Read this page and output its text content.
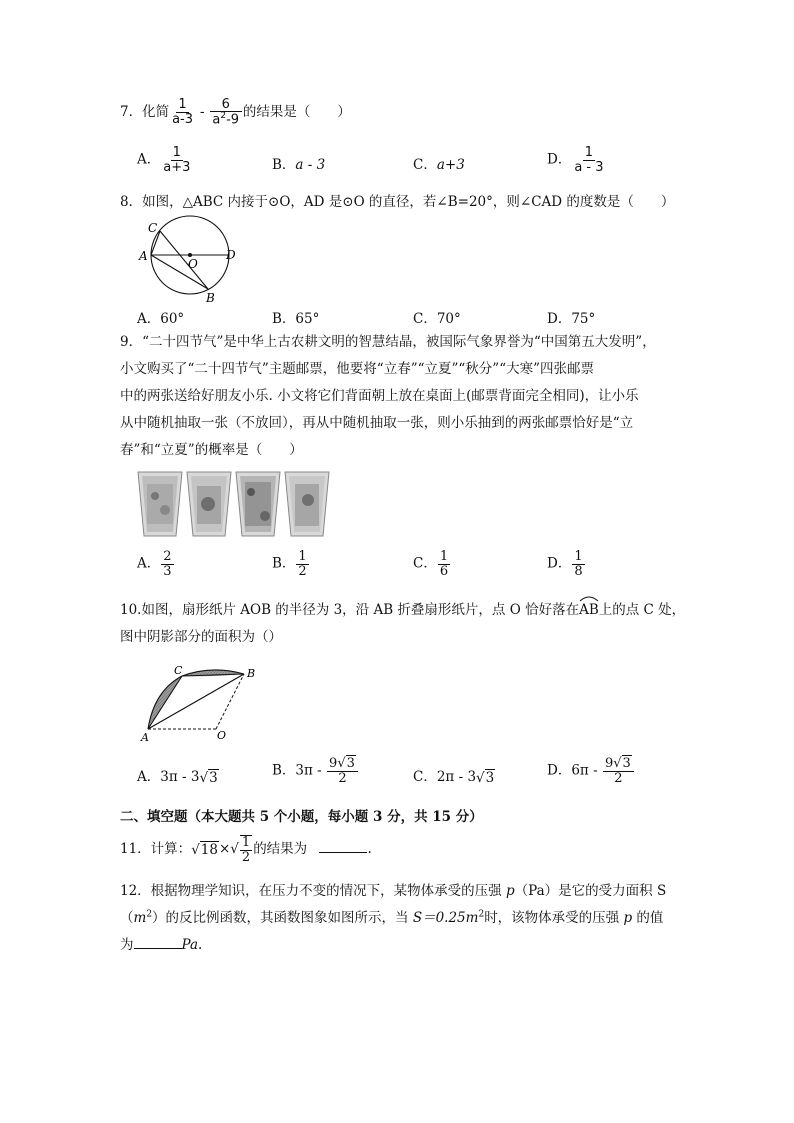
7．化简 $\frac{1}{a-3} - \frac{6}{a^2-9}$ 的结果是（　　）
A． $\frac{1}{a+3}$	B．a - 3	C．a+3	D． $\frac{1}{a - 3}$
8．如图，△ABC 内接于⊙O，AD 是⊙O 的直径，若∠B=20°，则∠CAD 的度数是（　　）
C
A
O
D
B
A．60°	B．65°	C．70°	D．75°
9．“二十四节气”是中华上古农耕文明的智慧结晶，被国际气象界誉为“中国第五大发明”，
小文购买了“二十四节气”主题邮票，他要将“立春”“立夏”“秋分”“大寒”四张邮票
中的两张送给好朋友小乐. 小文将它们背面朝上放在桌面上(邮票背面完全相同)，让小乐
从中随机抽取一张（不放回），再从中随机抽取一张，则小乐抽到的两张邮票恰好是“立
春”和“立夏”的概率是（　　）
A． $\frac{2}{3}$	B． $\frac{1}{2}$	C． $\frac{1}{6}$	D． $\frac{1}{8}$
10.如图，扇形纸片 AOB 的半径为 3，沿 AB 折叠扇形纸片，点 O 恰好落在
AB上的点 C 处，
图中阴影部分的面积为（）
C	B
A	O
A．3π - 3√3	B．$3\pi - \frac{9√3}{2}$	C．2π - 3√3	D．$6\pi - \frac{9√3}{2}$
二、填空题（本大题共 5 个小题，每小题 3 分，共 15 分）
11．计算：$√18\times√ \frac{1}{2}$ 的结果为	.
12．根据物理学知识，在压力不变的情况下，某物体承受的压强 p（Pa）是它的受力面积 S
$(m^2)$的反比例函数，其函数图象如图所示，当 $S=0.25m^2$时，该物体承受的压强 p 的值
为	Pa.
